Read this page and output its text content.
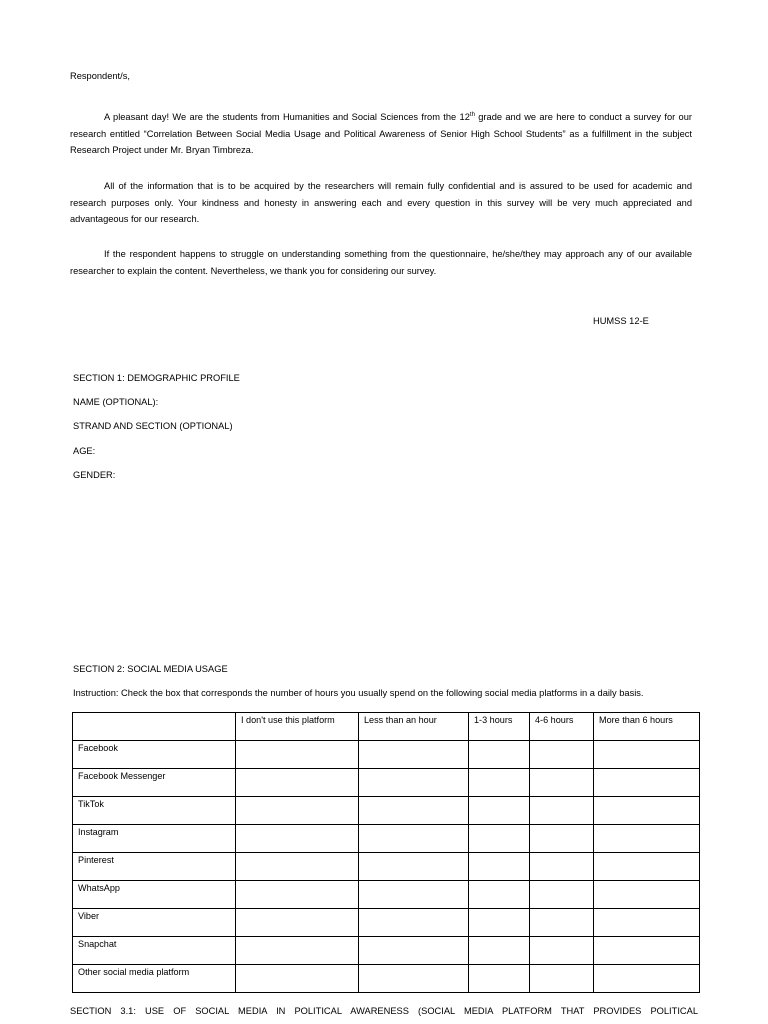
Respondent/s,

A pleasant day! We are the students from Humanities and Social Sciences from the 12th grade and we are here to conduct a survey for our research entitled “Correlation Between Social Media Usage and Political Awareness of Senior High School Students” as a fulfillment in the subject Research Project under Mr. Bryan Timbreza.

All of the information that is to be acquired by the researchers will remain fully confidential and is assured to be used for academic and research purposes only. Your kindness and honesty in answering each and every question in this survey will be very much appreciated and advantageous for our research.

If the respondent happens to struggle on understanding something from the questionnaire, he/she/they may approach any of our available researcher to explain the content. Nevertheless, we thank you for considering our survey.

HUMSS 12-E

SECTION 1: DEMOGRAPHIC PROFILE

NAME (OPTIONAL):

STRAND AND SECTION (OPTIONAL)

AGE:

GENDER:

SECTION 2: SOCIAL MEDIA USAGE

Instruction: Check the box that corresponds the number of hours you usually spend on the following social media platforms in a daily basis.

	I don't use this platform	Less than an hour	1-3 hours	4-6 hours	More than 6 hours
Facebook					
Facebook Messenger					
TikTok					
Instagram					
Pinterest					
WhatsApp					
Viber					
Snapchat					
Other social media platform					

SECTION 3.1: USE OF SOCIAL MEDIA IN POLITICAL AWARENESS (SOCIAL MEDIA PLATFORM THAT PROVIDES POLITICAL
